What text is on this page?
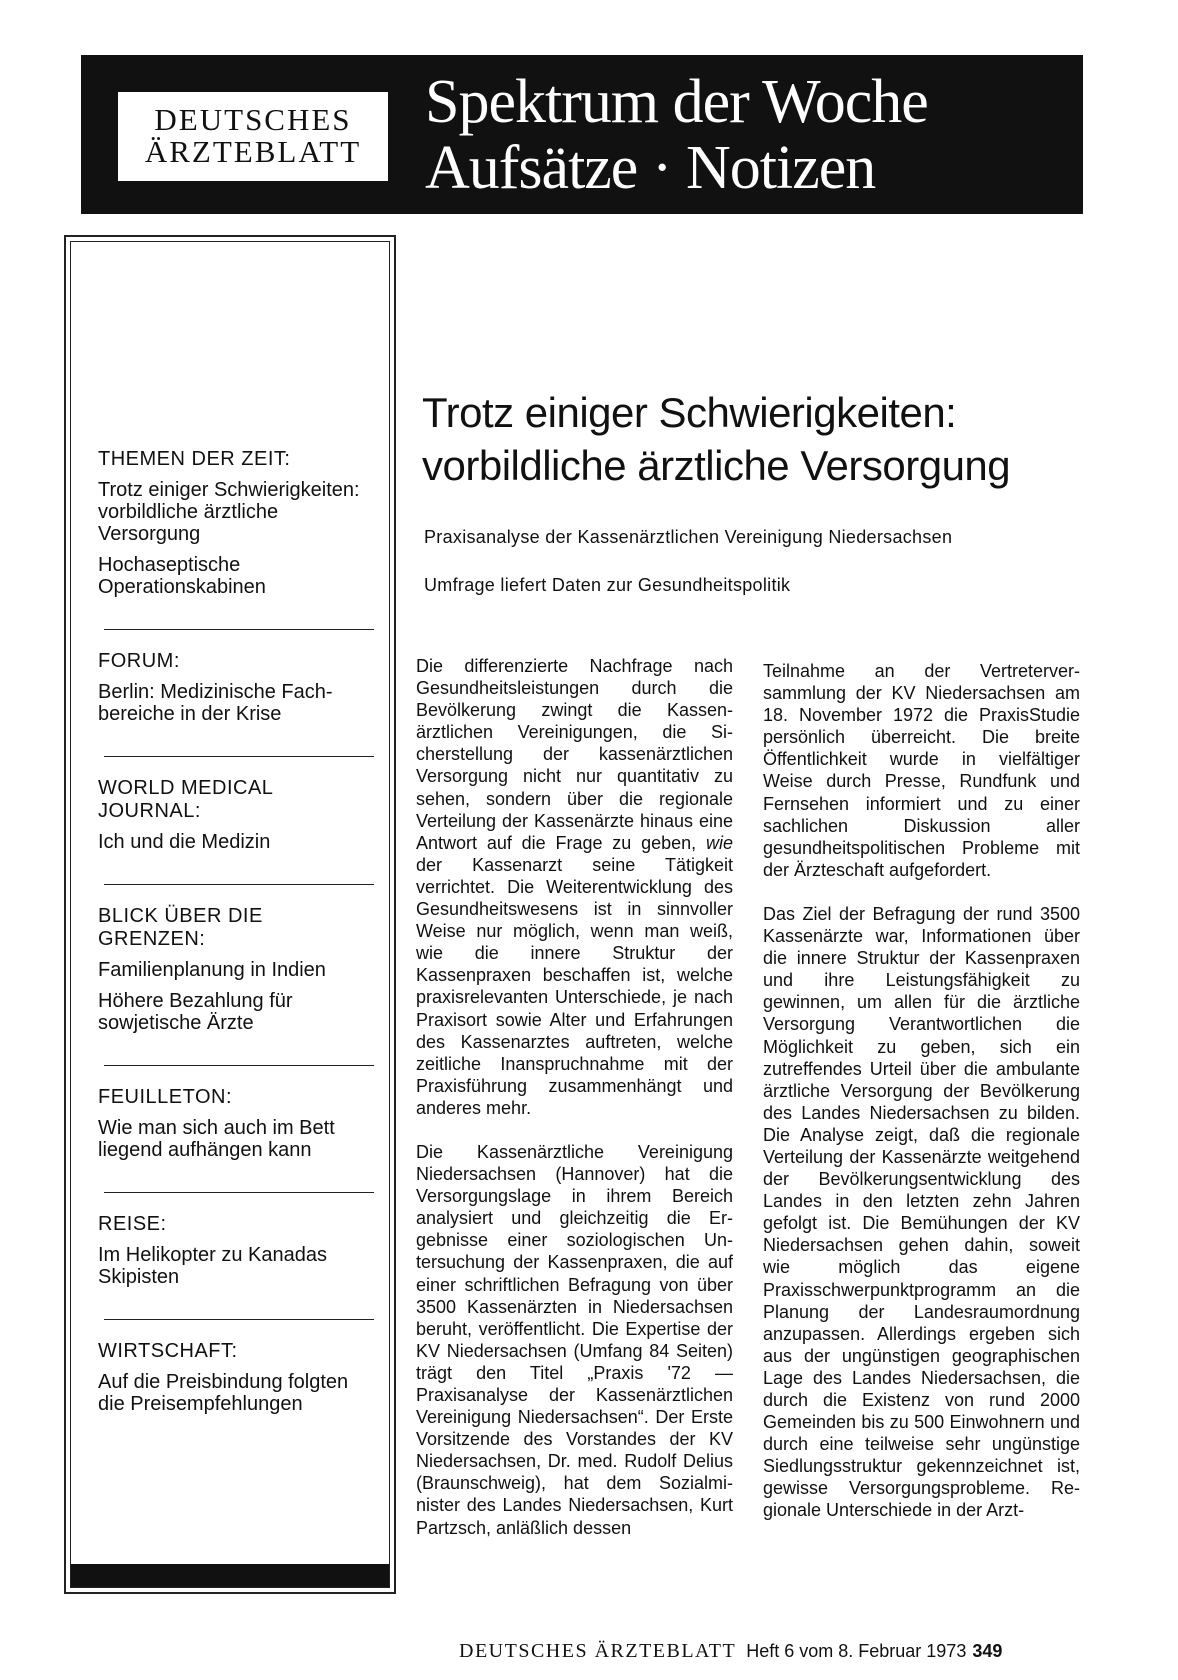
DEUTSCHES
ÄRZTEBLATT
Spektrum der Woche
Aufsätze · Notizen
THEMEN DER ZEIT:
Trotz einiger Schwierigkeiten: vorbildliche ärztliche Versorgung
Hochaseptische Operationskabinen
FORUM:
Berlin: Medizinische Fachbereiche in der Krise
WORLD MEDICAL JOURNAL:
Ich und die Medizin
BLICK ÜBER DIE GRENZEN:
Familienplanung in Indien
Höhere Bezahlung für sowjetische Ärzte
FEUILLETON:
Wie man sich auch im Bett liegend aufhängen kann
REISE:
Im Helikopter zu Kanadas Skipisten
WIRTSCHAFT:
Auf die Preisbindung folgten die Preisempfehlungen
Trotz einiger Schwierigkeiten:
vorbildliche ärztliche Versorgung
Praxisanalyse der Kassenärztlichen Vereinigung Niedersachsen
Umfrage liefert Daten zur Gesundheitspolitik

Die differenzierte Nachfrage nach Gesundheitsleistungen durch die Bevölkerung zwingt die Kassenärztlichen Vereinigungen, die Sicherstellung der kassenärztlichen Versorgung nicht nur quantitativ zu sehen, sondern über die regionale Verteilung der Kassenärzte hinaus eine Antwort auf die Frage zu geben, wie der Kassenarzt seine Tätigkeit verrichtet. Die Weiterentwicklung des Gesundheitswesens ist in sinnvoller Weise nur möglich, wenn man weiß, wie die innere Struktur der Kassenpraxen beschaffen ist, welche praxisrelevanten Unterschiede, je nach Praxisort sowie Alter und Erfahrungen des Kassenarztes auftreten, welche zeitliche Inanspruchnahme mit der Praxisführung zusammenhängt und anderes mehr.

Die Kassenärztliche Vereinigung Niedersachsen (Hannover) hat die Versorgungslage in ihrem Bereich analysiert und gleichzeitig die Ergebnisse einer soziologischen Untersuchung der Kassenpraxen, die auf einer schriftlichen Befragung von über 3500 Kassenärzten in Niedersachsen beruht, veröffentlicht. Die Expertise der KV Niedersachsen (Umfang 84 Seiten) trägt den Titel „Praxis '72 — Praxisanalyse der Kassenärztlichen Vereinigung Niedersachsen“. Der Erste Vorsitzende des Vorstandes der KV Niedersachsen, Dr. med. Rudolf Delius (Braunschweig), hat dem Sozialminister des Landes Niedersachsen, Kurt Partzsch, anläßlich dessen

Teilnahme an der Vertreterversammlung der KV Niedersachsen am 18. November 1972 die PraxisStudie persönlich überreicht. Die breite Öffentlichkeit wurde in vielfältiger Weise durch Presse, Rundfunk und Fernsehen informiert und zu einer sachlichen Diskussion aller gesundheitspolitischen Probleme mit der Ärzteschaft aufgefordert.

Das Ziel der Befragung der rund 3500 Kassenärzte war, Informationen über die innere Struktur der Kassenpraxen und ihre Leistungsfähigkeit zu gewinnen, um allen für die ärztliche Versorgung Verantwortlichen die Möglichkeit zu geben, sich ein zutreffendes Urteil über die ambulante ärztliche Versorgung der Bevölkerung des Landes Niedersachsen zu bilden. Die Analyse zeigt, daß die regionale Verteilung der Kassenärzte weitgehend der Bevölkerungsentwicklung des Landes in den letzten zehn Jahren gefolgt ist. Die Bemühungen der KV Niedersachsen gehen dahin, soweit wie möglich das eigene Praxisschwerpunktprogramm an die Planung der Landesraumordnung anzupassen. Allerdings ergeben sich aus der ungünstigen geographischen Lage des Landes Niedersachsen, die durch die Existenz von rund 2000 Gemeinden bis zu 500 Einwohnern und durch eine teilweise sehr ungünstige Siedlungsstruktur gekennzeichnet ist, gewisse Versorgungsprobleme. Regionale Unterschiede in der Arzt-

DEUTSCHES ÄRZTEBLATT Heft 6 vom 8. Februar 1973 349
